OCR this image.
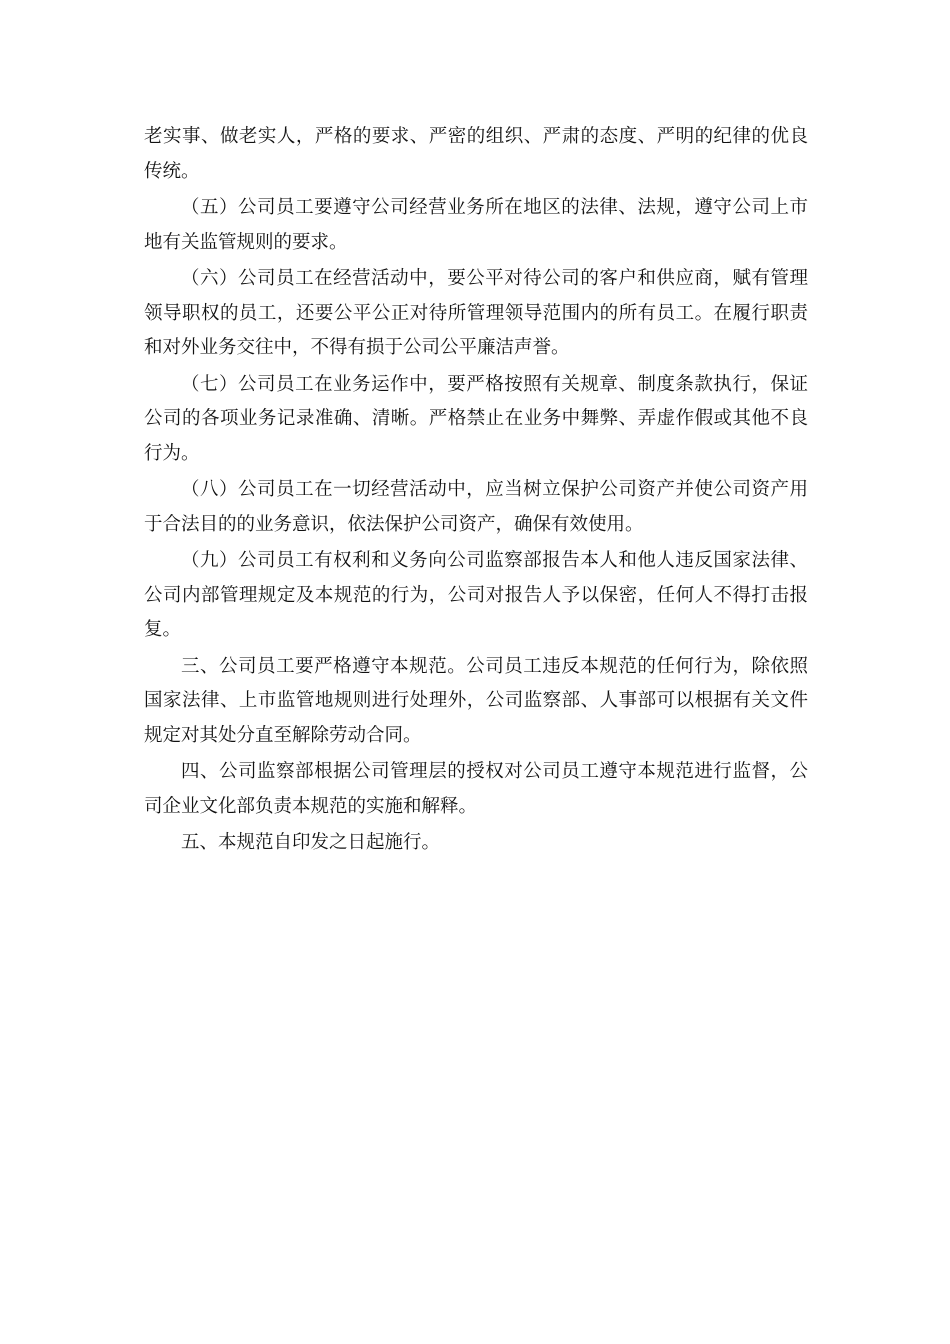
老实事、做老实人，严格的要求、严密的组织、严肃的态度、严明的纪律的优良传统。

（五）公司员工要遵守公司经营业务所在地区的法律、法规，遵守公司上市地有关监管规则的要求。

（六）公司员工在经营活动中，要公平对待公司的客户和供应商，赋有管理领导职权的员工，还要公平公正对待所管理领导范围内的所有员工。在履行职责和对外业务交往中，不得有损于公司公平廉洁声誉。

（七）公司员工在业务运作中，要严格按照有关规章、制度条款执行，保证公司的各项业务记录准确、清晰。严格禁止在业务中舞弊、弄虚作假或其他不良行为。

（八）公司员工在一切经营活动中，应当树立保护公司资产并使公司资产用于合法目的的业务意识，依法保护公司资产，确保有效使用。

（九）公司员工有权利和义务向公司监察部报告本人和他人违反国家法律、公司内部管理规定及本规范的行为，公司对报告人予以保密，任何人不得打击报复。

三、公司员工要严格遵守本规范。公司员工违反本规范的任何行为，除依照国家法律、上市监管地规则进行处理外，公司监察部、人事部可以根据有关文件规定对其处分直至解除劳动合同。

四、公司监察部根据公司管理层的授权对公司员工遵守本规范进行监督，公司企业文化部负责本规范的实施和解释。

五、本规范自印发之日起施行。
